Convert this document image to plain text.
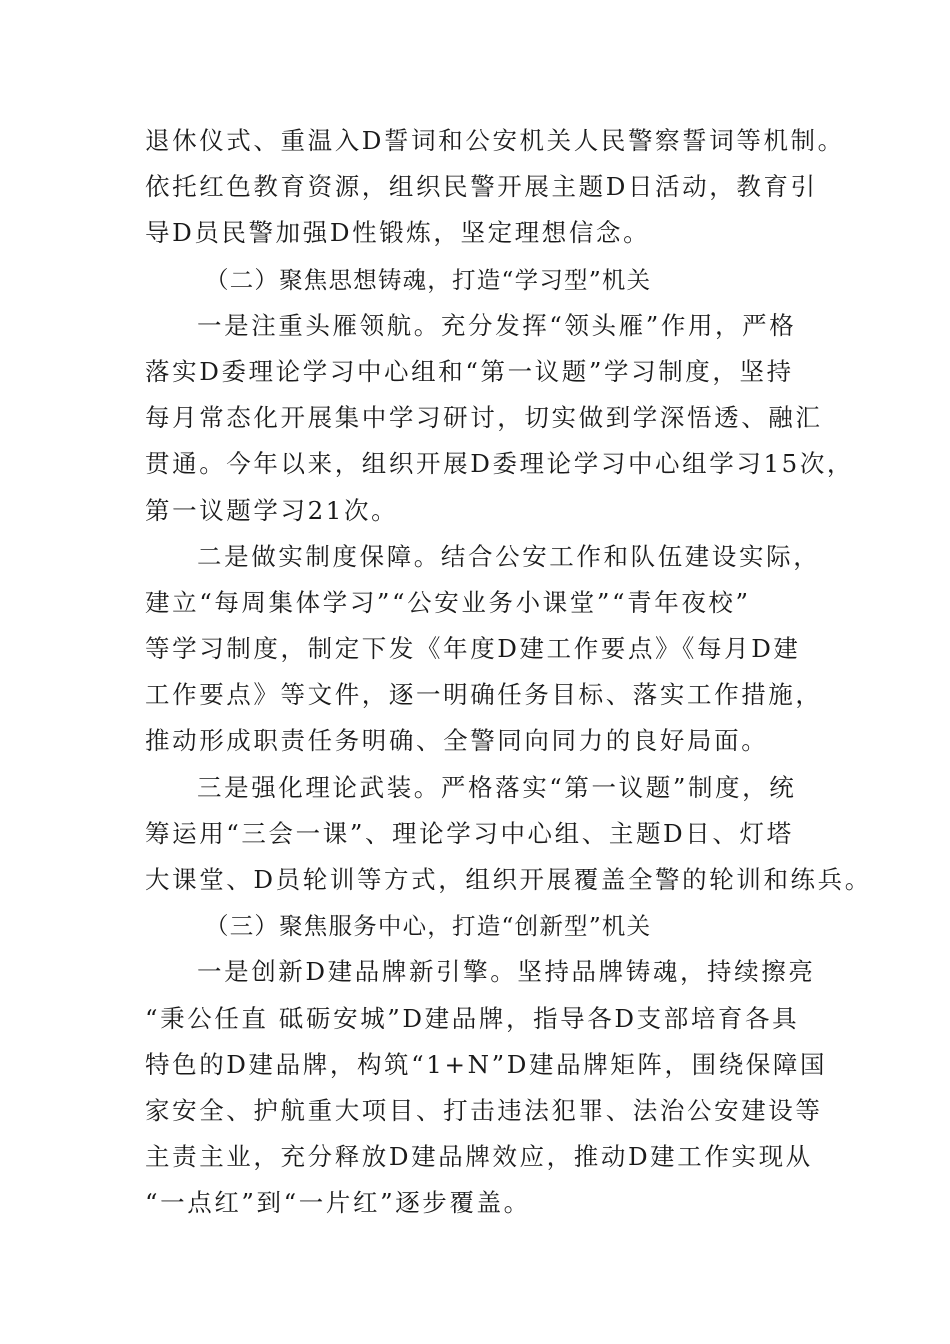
退休仪式、重温入D誓词和公安机关人民警察誓词等机制。
依托红色教育资源，组织民警开展主题D日活动，教育引
导D员民警加强D性锻炼，坚定理想信念。
（二）聚焦思想铸魂，打造“学习型”机关
一是注重头雁领航。充分发挥“领头雁”作用，严格
落实D委理论学习中心组和“第一议题”学习制度，坚持
每月常态化开展集中学习研讨，切实做到学深悟透、融汇
贯通。今年以来，组织开展D委理论学习中心组学习15次，
第一议题学习21次。
二是做实制度保障。结合公安工作和队伍建设实际，
建立“每周集体学习”“公安业务小课堂”“青年夜校”
等学习制度，制定下发《年度D建工作要点》《每月D建
工作要点》等文件，逐一明确任务目标、落实工作措施，
推动形成职责任务明确、全警同向同力的良好局面。
三是强化理论武装。严格落实“第一议题”制度，统
筹运用“三会一课”、理论学习中心组、主题D日、灯塔
大课堂、D员轮训等方式，组织开展覆盖全警的轮训和练兵。
（三）聚焦服务中心，打造“创新型”机关
一是创新D建品牌新引擎。坚持品牌铸魂，持续擦亮
“秉公任直 砥砺安城”D建品牌，指导各D支部培育各具
特色的D建品牌，构筑“1+N”D建品牌矩阵，围绕保障国
家安全、护航重大项目、打击违法犯罪、法治公安建设等
主责主业，充分释放D建品牌效应，推动D建工作实现从
“一点红”到“一片红”逐步覆盖。
